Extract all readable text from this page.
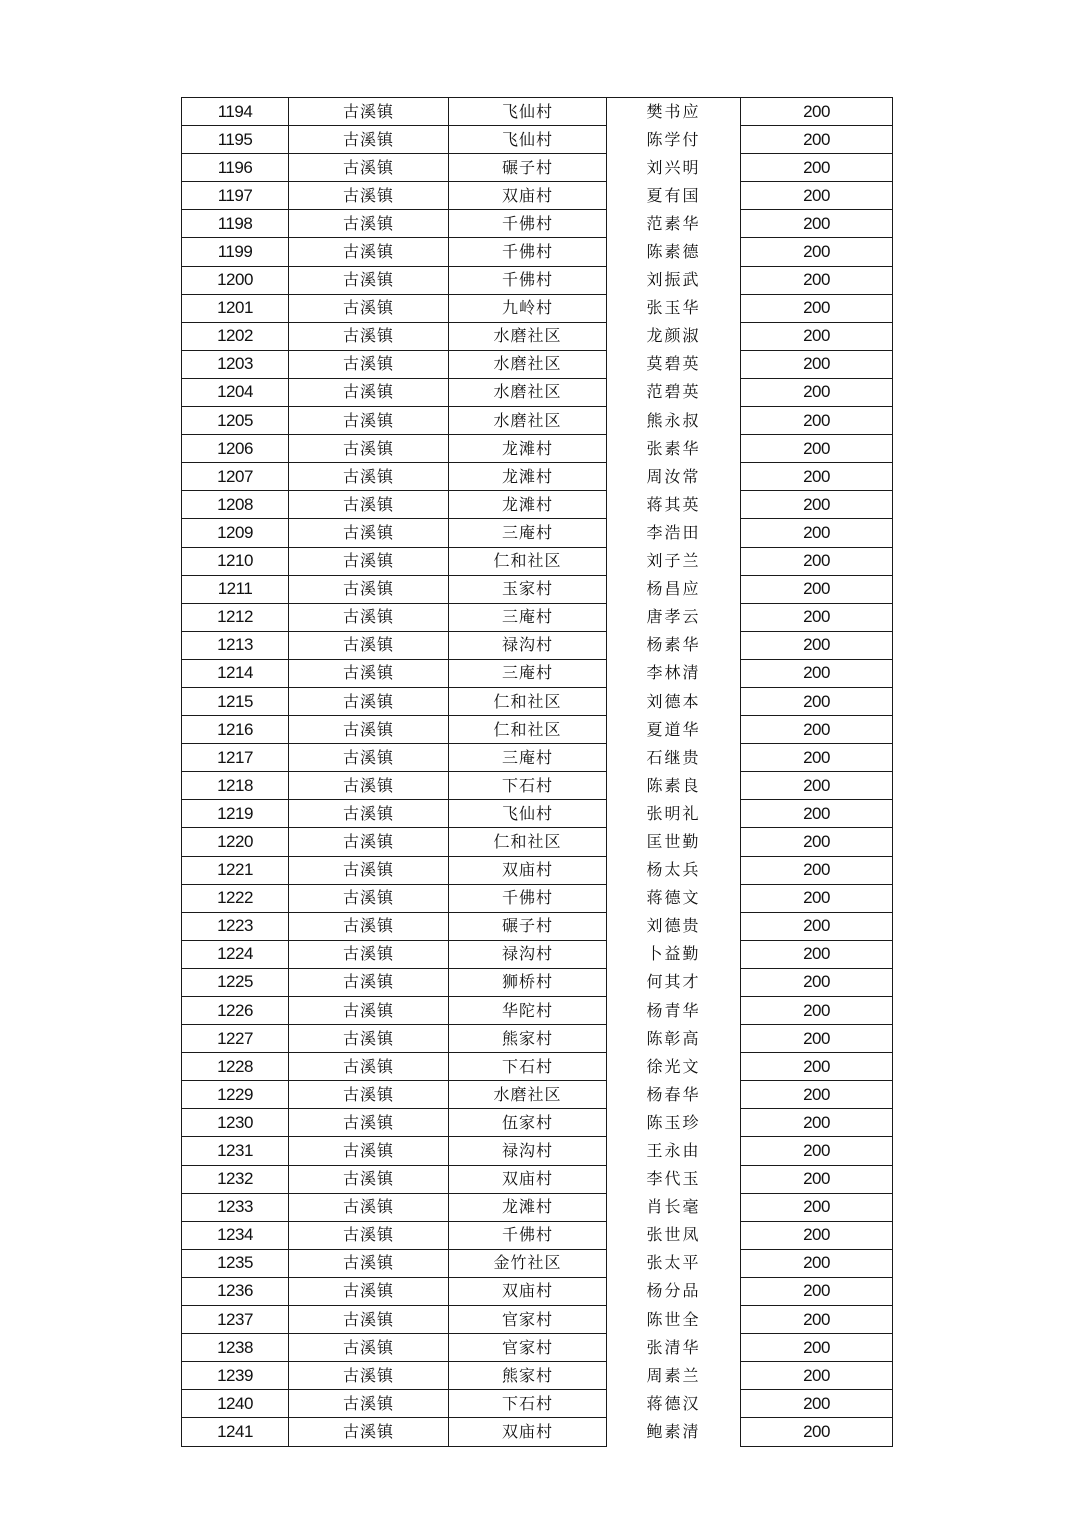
1194	古溪镇	飞仙村	樊书应	200
1195	古溪镇	飞仙村	陈学付	200
1196	古溪镇	碾子村	刘兴明	200
1197	古溪镇	双庙村	夏有国	200
1198	古溪镇	千佛村	范素华	200
1199	古溪镇	千佛村	陈素德	200
1200	古溪镇	千佛村	刘振武	200
1201	古溪镇	九岭村	张玉华	200
1202	古溪镇	水磨社区	龙颜淑	200
1203	古溪镇	水磨社区	莫碧英	200
1204	古溪镇	水磨社区	范碧英	200
1205	古溪镇	水磨社区	熊永叔	200
1206	古溪镇	龙滩村	张素华	200
1207	古溪镇	龙滩村	周汝常	200
1208	古溪镇	龙滩村	蒋其英	200
1209	古溪镇	三庵村	李浩田	200
1210	古溪镇	仁和社区	刘子兰	200
1211	古溪镇	玉家村	杨昌应	200
1212	古溪镇	三庵村	唐孝云	200
1213	古溪镇	禄沟村	杨素华	200
1214	古溪镇	三庵村	李林清	200
1215	古溪镇	仁和社区	刘德本	200
1216	古溪镇	仁和社区	夏道华	200
1217	古溪镇	三庵村	石继贵	200
1218	古溪镇	下石村	陈素良	200
1219	古溪镇	飞仙村	张明礼	200
1220	古溪镇	仁和社区	匡世勤	200
1221	古溪镇	双庙村	杨太兵	200
1222	古溪镇	千佛村	蒋德文	200
1223	古溪镇	碾子村	刘德贵	200
1224	古溪镇	禄沟村	卜益勤	200
1225	古溪镇	狮桥村	何其才	200
1226	古溪镇	华陀村	杨青华	200
1227	古溪镇	熊家村	陈彰高	200
1228	古溪镇	下石村	徐光文	200
1229	古溪镇	水磨社区	杨春华	200
1230	古溪镇	伍家村	陈玉珍	200
1231	古溪镇	禄沟村	王永由	200
1232	古溪镇	双庙村	李代玉	200
1233	古溪镇	龙滩村	肖长毫	200
1234	古溪镇	千佛村	张世凤	200
1235	古溪镇	金竹社区	张太平	200
1236	古溪镇	双庙村	杨分品	200
1237	古溪镇	官家村	陈世全	200
1238	古溪镇	官家村	张清华	200
1239	古溪镇	熊家村	周素兰	200
1240	古溪镇	下石村	蒋德汉	200
1241	古溪镇	双庙村	鲍素清	200
